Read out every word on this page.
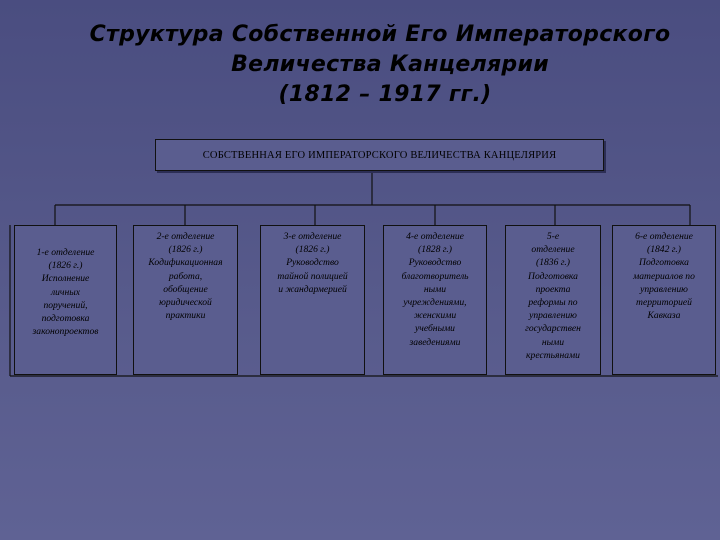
Структура Собственной Его Императорского
Величества Канцелярии
(1812 – 1917 гг.)
СОБСТВЕННАЯ ЕГО ИМПЕРАТОРСКОГО ВЕЛИЧЕСТВА КАНЦЕЛЯРИЯ
1-е отделение
(1826 г.)
Исполнение
личных
поручений,
подготовка
законопроектов
2-е отделение
(1826 г.)
Кодификационная
работа,
обобщение
юридической
практики
3-е отделение
(1826 г.)
Руководство
тайной полицией
и жандармерией
4-е отделение
(1828 г.)
Руководство
благотворитель
ными
учреждениями,
женскими
учебными
заведениями
5-е
отделение
(1836 г.)
Подготовка
проекта
реформы по
управлению
государствен
ными
крестьянами
6-е отделение
(1842 г.)
Подготовка
материалов по
управлению
территорией
Кавказа
